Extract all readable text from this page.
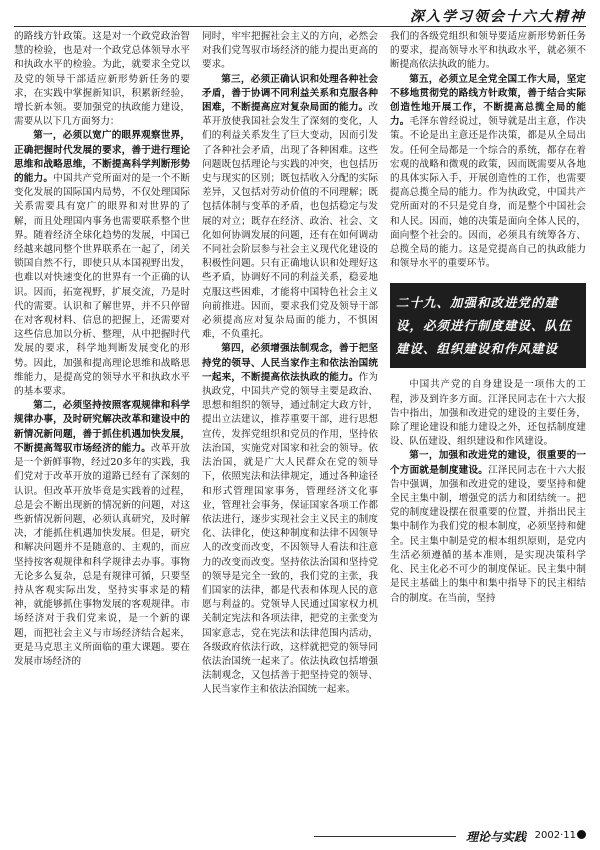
深入学习领会十六大精神

的路线方针政策。这是对一个政党政治智慧的检验，也是对一个政党总体领导水平和执政水平的检验。为此，就要求全党以及党的领导干部适应新形势新任务的要求，在实践中掌握新知识，积累新经验，增长新本领。要加强党的执政能力建设，需要从以下几方面努力：

第一，必须以宽广的眼界观察世界，正确把握时代发展的要求，善于进行理论思维和战略思维，不断提高科学判断形势的能力。中国共产党所面对的是一个不断变化发展的国际国内局势，不仅处理国际关系需要具有宽广的眼界和对世界的了解，而且处理国内事务也需要联系整个世界。随着经济全球化趋势的发展，中国已经越来越同整个世界联系在一起了，闭关锁国自然不行，即使只从本国视野出发，也难以对快速变化的世界有一个正确的认识。因而，拓宽视野，扩展交流，乃是时代的需要。认识和了解世界，并不只停留在对客观材料、信息的把握上，还需要对这些信息加以分析、整理，从中把握时代发展的要求，科学地判断发展变化的形势。因此，加强和提高理论思维和战略思维能力，是提高党的领导水平和执政水平的基本要求。

第二，必须坚持按照客观规律和科学规律办事，及时研究解决改革和建设中的新情况新问题，善于抓住机遇加快发展，不断提高驾驭市场经济的能力。改革开放是一个新鲜事物，经过20多年的实践，我们党对于改革开放的道路已经有了深刻的认识。但改革开放毕竟是实践着的过程，总是会不断出现新的情况新的问题，对这些新情况新问题，必须认真研究，及时解决，才能抓住机遇加快发展。但是，研究和解决问题并不是随意的、主观的，而应坚持按客观规律和科学规律去办事。事物无论多么复杂，总是有规律可循，只要坚持从客观实际出发，坚持实事求是的精神，就能够抓住事物发展的客观规律。市场经济对于我们党来说，是一个新的课题，而把社会主义与市场经济结合起来，更是马克思主义所面临的重大课题。要在发展市场经济的

同时，牢牢把握社会主义的方向，必然会对我们党驾驭市场经济的能力提出更高的要求。

第三，必须正确认识和处理各种社会矛盾，善于协调不同利益关系和克服各种困难，不断提高应对复杂局面的能力。改革开放使我国社会发生了深刻的变化，人们的利益关系发生了巨大变动，因而引发了各种社会矛盾，出现了各种困难。这些问题既包括理论与实践的冲突，也包括历史与现实的区别；既包括收入分配的实际差异，又包括对劳动价值的不同理解；既包括体制与变革的矛盾，也包括稳定与发展的对立；既存在经济、政治、社会、文化如何协调发展的问题，还有在如何调动不同社会阶层参与社会主义现代化建设的积极性问题。只有正确地认识和处理好这些矛盾，协调好不同的利益关系，稳妥地克服这些困难，才能将中国特色社会主义向前推进。因而，要求我们党及领导干部必须提高应对复杂局面的能力，不惧困难，不负重托。

第四，必须增强法制观念，善于把坚持党的领导、人民当家作主和依法治国统一起来，不断提高依法执政的能力。作为执政党，中国共产党的领导主要是政治、思想和组织的领导，通过制定大政方针，提出立法建议，推荐重要干部，进行思想宣传，发挥党组织和党员的作用，坚持依法治国，实施党对国家和社会的领导。依法治国，就是广大人民群众在党的领导下，依照宪法和法律规定，通过各种途径和形式管理国家事务，管理经济文化事业，管理社会事务，保证国家各项工作都依法进行，逐步实现社会主义民主的制度化、法律化，使这种制度和法律不因领导人的改变而改变，不因领导人看法和注意力的改变而改变。坚持依法治国和坚持党的领导是完全一致的，我们党的主张，我们国家的法律，都是代表和体现人民的意愿与利益的。党领导人民通过国家权力机关制定宪法和各项法律，把党的主张变为国家意志，党在宪法和法律范围内活动，各级政府依法行政，这样就把党的领导同依法治国统一起来了。依法执政包括增强法制观念，又包括善于把坚持党的领导、人民当家作主和依法治国统一起来。

我们的各级党组织和领导要适应新形势新任务的要求，提高领导水平和执政水平，就必须不断提高依法执政的能力。

第五，必须立足全党全国工作大局，坚定不移地贯彻党的路线方针政策，善于结合实际创造性地开展工作，不断提高总揽全局的能力。毛泽东曾经说过，领导就是出主意，作决策。不论是出主意还是作决策，都是从全局出发。任何全局都是一个综合的系统，都存在着宏观的战略和微观的政策，因而既需要从各地的具体实际入手，开展创造性的工作，也需要提高总揽全局的能力。作为执政党，中国共产党所面对的不只是党自身，而是整个中国社会和人民。因而，她的决策是面向全体人民的，面向整个社会的。因而，必须具有统筹各方、总揽全局的能力。这是党提高自己的执政能力和领导水平的重要环节。

二十九、加强和改进党的建设，必须进行制度建设、队伍建设、组织建设和作风建设

中国共产党的自身建设是一项伟大的工程，涉及到许多方面。江泽民同志在十六大报告中指出，加强和改进党的建设的主要任务，除了理论建设和能力建设之外，还包括制度建设、队伍建设、组织建设和作风建设。

第一，加强和改进党的建设，很重要的一个方面就是制度建设。江泽民同志在十六大报告中强调，加强和改进党的建设，要坚持和健全民主集中制，增强党的活力和团结统一。把党的制度建设摆在很重要的位置，并指出民主集中制作为我们党的根本制度，必须坚持和健全。民主集中制是党的根本组织原则，是党内生活必须遵循的基本准则，是实现决策科学化、民主化必不可少的制度保证。民主集中制是民主基础上的集中和集中指导下的民主相结合的制度。在当前，坚持

理论与实践 2002·11
